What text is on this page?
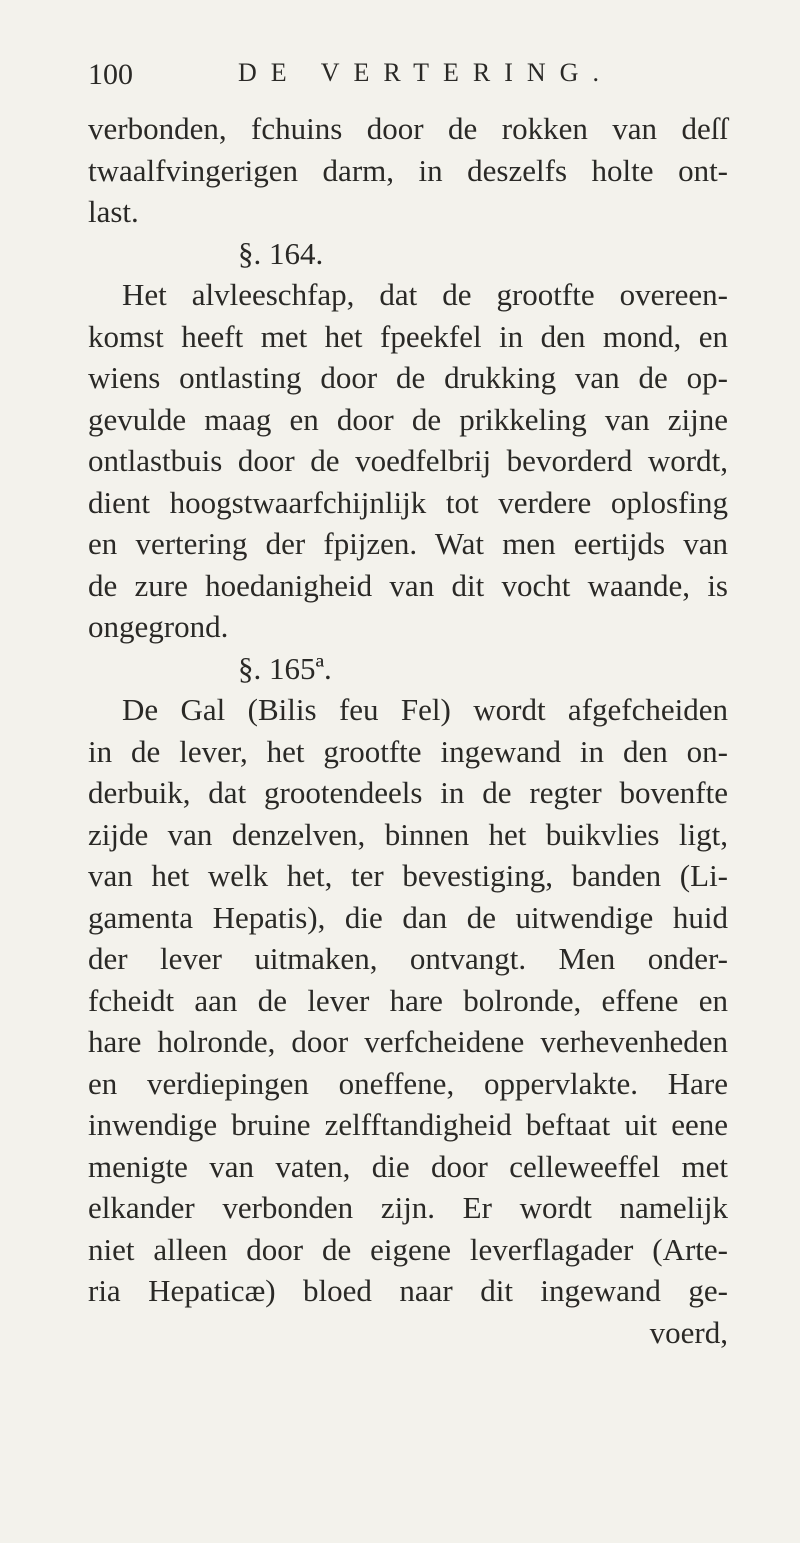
100	DE VERTERING.
verbonden, fchuins door de rokken van deſſ
twaalfvingerigen darm, in deszelfs holte ont-
last.
§. 164.
Het alvleeschfap, dat de grootfte overeen-
komst heeft met het fpeekfel in den mond, en
wiens ontlasting door de drukking van de op-
gevulde maag en door de prikkeling van zijne
ontlastbuis door de voedfelbrij bevorderd wordt,
dient hoogstwaarfchijnlijk tot verdere oplosfing
en vertering der fpijzen. Wat men eertijds van
de zure hoedanigheid van dit vocht waande, is
ongegrond.
§. 165ª.
De Gal (Bilis feu Fel) wordt afgefcheiden
in de lever, het grootfte ingewand in den on-
derbuik, dat grootendeels in de regter bovenfte
zijde van denzelven, binnen het buikvlies ligt,
van het welk het, ter bevestiging, banden (Li-
gamenta Hepatis), die dan de uitwendige huid
der lever uitmaken, ontvangt. Men onder-
fcheidt aan de lever hare bolronde, effene en
hare holronde, door verfcheidene verhevenheden
en verdiepingen oneffene, oppervlakte. Hare
inwendige bruine zelfftandigheid beftaat uit eene
menigte van vaten, die door celleweeffel met
elkander verbonden zijn. Er wordt namelijk
niet alleen door de eigene leverflagader (Arte-
ria Hepaticæ) bloed naar dit ingewand ge-
voerd,
